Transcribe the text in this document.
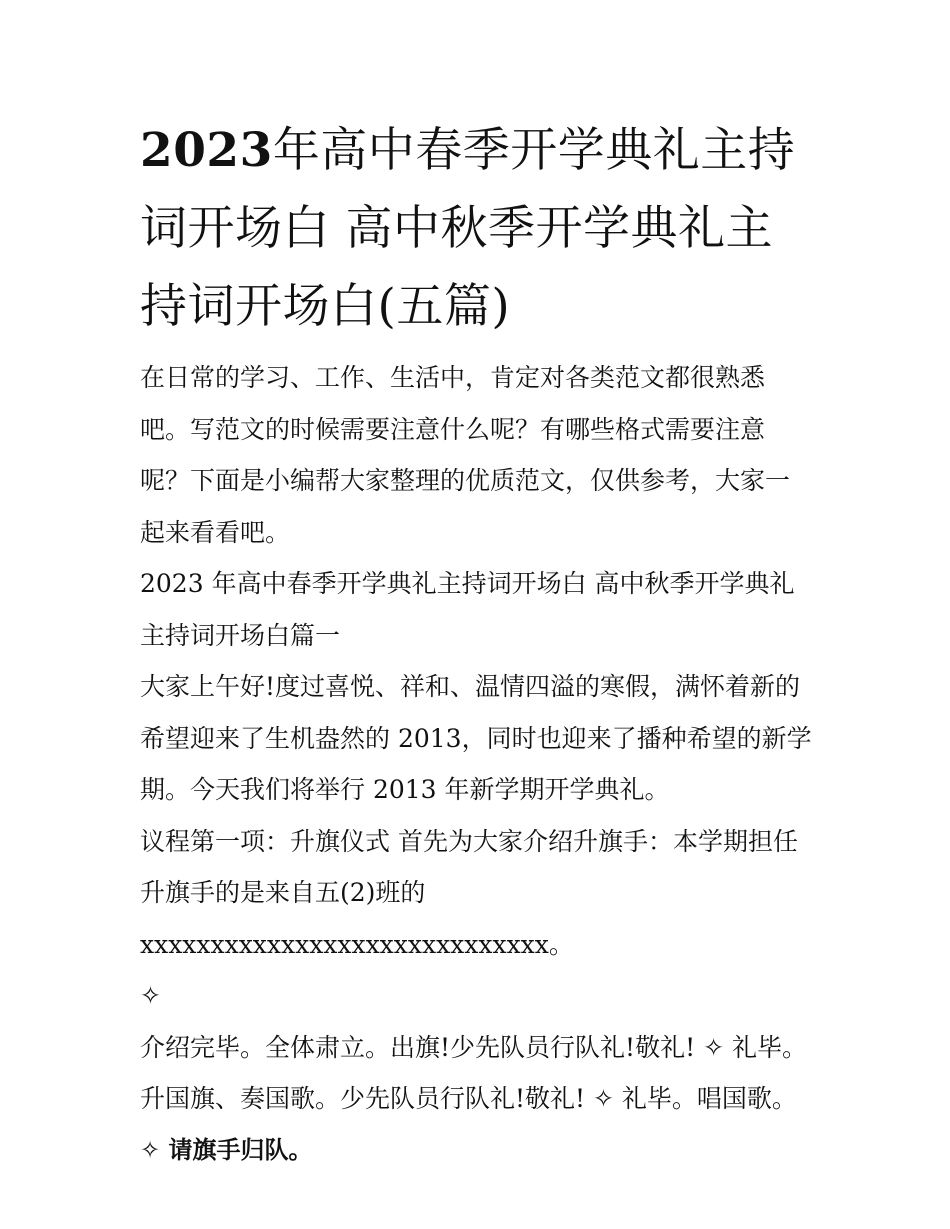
2023年高中春季开学典礼主持词开场白 高中秋季开学典礼主持词开场白(五篇)

在日常的学习、工作、生活中，肯定对各类范文都很熟悉吧。写范文的时候需要注意什么呢？有哪些格式需要注意呢？下面是小编帮大家整理的优质范文，仅供参考，大家一起来看看吧。

2023 年高中春季开学典礼主持词开场白 高中秋季开学典礼主持词开场白篇一

大家上午好!度过喜悦、祥和、温情四溢的寒假，满怀着新的希望迎来了生机盎然的 2013，同时也迎来了播种希望的新学期。今天我们将举行 2013 年新学期开学典礼。

议程第一项：升旗仪式 首先为大家介绍升旗手：本学期担任升旗手的是来自五(2)班的 xxxxxxxxxxxxxxxxxxxxxxxxxxxxx。

✧

介绍完毕。全体肃立。出旗!少先队员行队礼!敬礼! ✧ 礼毕。升国旗、奏国歌。少先队员行队礼!敬礼! ✧ 礼毕。唱国歌。

✧ 请旗手归队。
